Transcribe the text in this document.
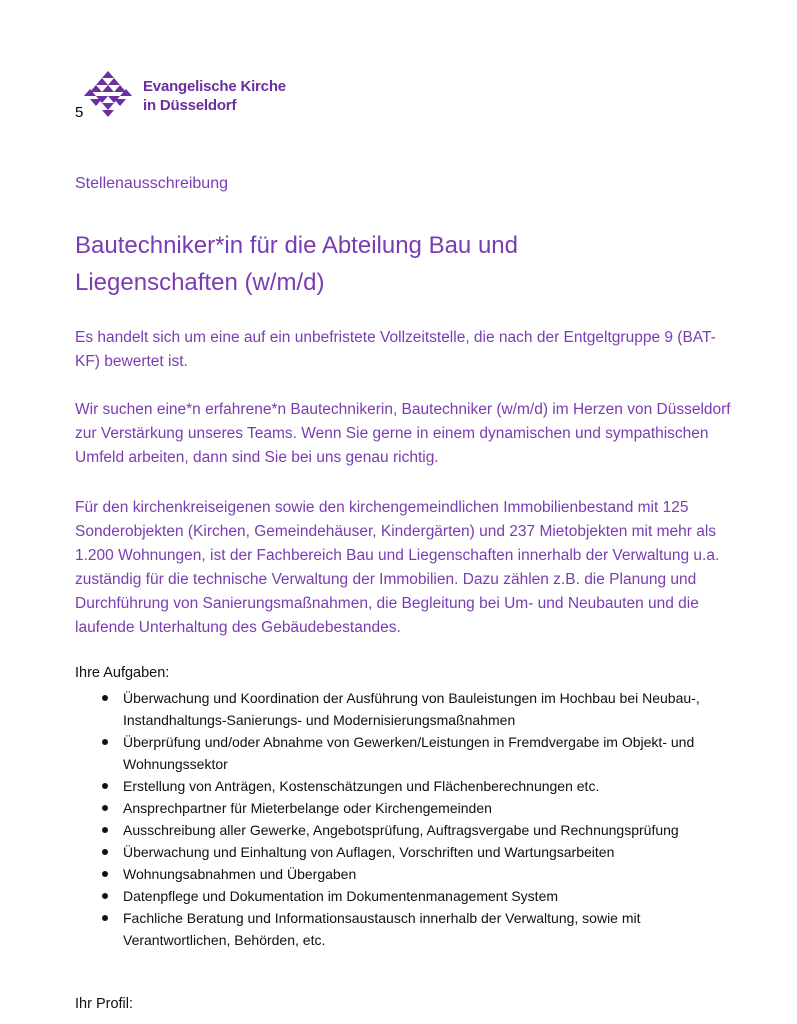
Evangelische Kirche
in Düsseldorf
5
Stellenausschreibung
Bautechniker*in für die Abteilung Bau und
Liegenschaften (w/m/d)

Es handelt sich um eine auf ein unbefristete Vollzeitstelle, die nach der Entgeltgruppe 9 (BAT-KF) bewertet ist.

Wir suchen eine*n erfahrene*n Bautechnikerin, Bautechniker (w/m/d) im Herzen von Düsseldorf zur Verstärkung unseres Teams. Wenn Sie gerne in einem dynamischen und sympathischen Umfeld arbeiten, dann sind Sie bei uns genau richtig.

Für den kirchenkreiseigenen sowie den kirchengemeindlichen Immobilienbestand mit 125 Sonderobjekten (Kirchen, Gemeindehäuser, Kindergärten) und 237 Mietobjekten mit mehr als 1.200 Wohnungen, ist der Fachbereich Bau und Liegenschaften innerhalb der Verwaltung u.a. zuständig für die technische Verwaltung der Immobilien. Dazu zählen z.B. die Planung und Durchführung von Sanierungsmaßnahmen, die Begleitung bei Um- und Neubauten und die laufende Unterhaltung des Gebäudebestandes.

Ihre Aufgaben:
Überwachung und Koordination der Ausführung von Bauleistungen im Hochbau bei Neubau-, Instandhaltungs-Sanierungs- und Modernisierungsmaßnahmen
Überprüfung und/oder Abnahme von Gewerken/Leistungen in Fremdvergabe im Objekt- und Wohnungssektor
Erstellung von Anträgen, Kostenschätzungen und Flächenberechnungen etc.
Ansprechpartner für Mieterbelange oder Kirchengemeinden
Ausschreibung aller Gewerke, Angebotsprüfung, Auftragsvergabe und Rechnungsprüfung
Überwachung und Einhaltung von Auflagen, Vorschriften und Wartungsarbeiten
Wohnungsabnahmen und Übergaben
Datenpflege und Dokumentation im Dokumentenmanagement System
Fachliche Beratung und Informationsaustausch innerhalb der Verwaltung, sowie mit Verantwortlichen, Behörden, etc.
Ihr Profil:
